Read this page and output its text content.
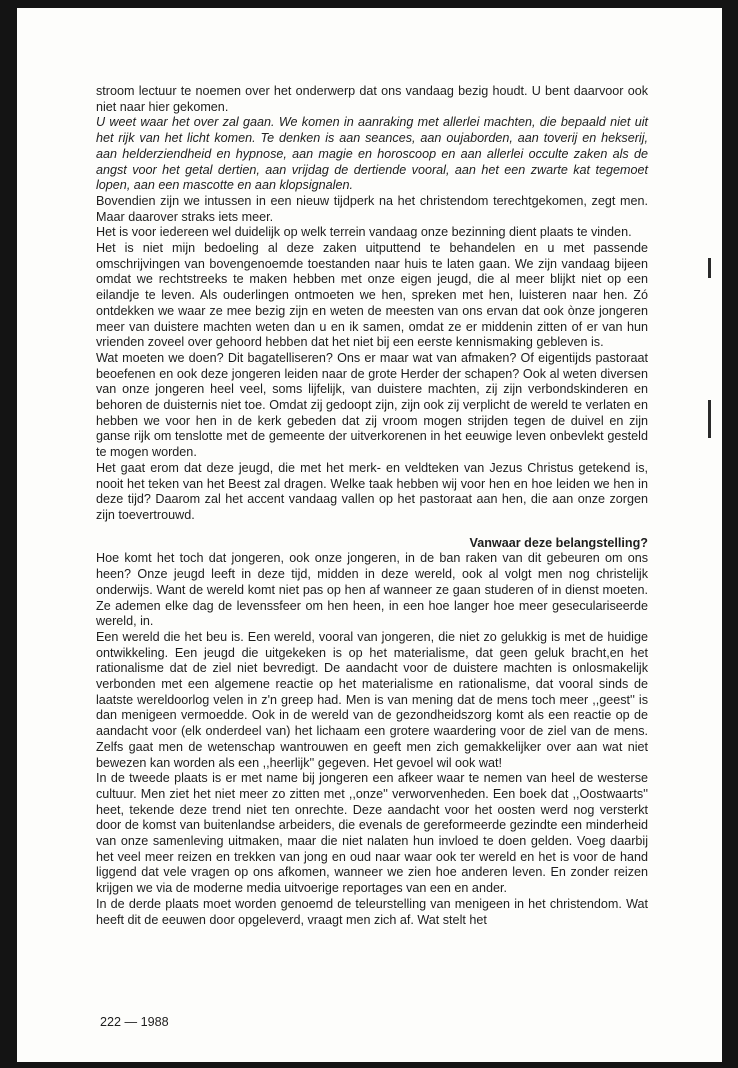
stroom lectuur te noemen over het onderwerp dat ons vandaag bezig houdt. U bent daarvoor ook niet naar hier gekomen.

U weet waar het over zal gaan. We komen in aanraking met allerlei machten, die bepaald niet uit het rijk van het licht komen. Te denken is aan seances, aan oujaborden, aan toverij en hekserij, aan helderziendheid en hypnose, aan magie en horoscoop en aan allerlei occulte zaken als de angst voor het getal dertien, aan vrijdag de dertiende vooral, aan het een zwarte kat tegemoet lopen, aan een mascotte en aan klopsignalen.

Bovendien zijn we intussen in een nieuw tijdperk na het christendom terechtgekomen, zegt men. Maar daarover straks iets meer.

Het is voor iedereen wel duidelijk op welk terrein vandaag onze bezinning dient plaats te vinden.

Het is niet mijn bedoeling al deze zaken uitputtend te behandelen en u met passende omschrijvingen van bovengenoemde toestanden naar huis te laten gaan. We zijn vandaag bijeen omdat we rechtstreeks te maken hebben met onze eigen jeugd, die al meer blijkt niet op een eilandje te leven. Als ouderlingen ontmoeten we hen, spreken met hen, luisteren naar hen. Zó ontdekken we waar ze mee bezig zijn en weten de meesten van ons ervan dat ook ònze jongeren meer van duistere machten weten dan u en ik samen, omdat ze er middenin zitten of er van hun vrienden zoveel over gehoord hebben dat het niet bij een eerste kennismaking gebleven is.

Wat moeten we doen? Dit bagatelliseren? Ons er maar wat van afmaken? Of eigentijds pastoraat beoefenen en ook deze jongeren leiden naar de grote Herder der schapen? Ook al weten diversen van onze jongeren heel veel, soms lijfelijk, van duistere machten, zij zijn verbondskinderen en behoren de duisternis niet toe. Omdat zij gedoopt zijn, zijn ook zij verplicht de wereld te verlaten en hebben we voor hen in de kerk gebeden dat zij vroom mogen strijden tegen de duivel en zijn ganse rijk om tenslotte met de gemeente der uitverkorenen in het eeuwige leven onbevlekt gesteld te mogen worden.

Het gaat erom dat deze jeugd, die met het merk- en veldteken van Jezus Christus getekend is, nooit het teken van het Beest zal dragen. Welke taak hebben wij voor hen en hoe leiden we hen in deze tijd? Daarom zal het accent vandaag vallen op het pastoraat aan hen, die aan onze zorgen zijn toevertrouwd.

Vanwaar deze belangstelling?

Hoe komt het toch dat jongeren, ook onze jongeren, in de ban raken van dit gebeuren om ons heen? Onze jeugd leeft in deze tijd, midden in deze wereld, ook al volgt men nog christelijk onderwijs. Want de wereld komt niet pas op hen af wanneer ze gaan studeren of in dienst moeten. Ze ademen elke dag de levenssfeer om hen heen, in een hoe langer hoe meer geseculariseerde wereld, in.

Een wereld die het beu is. Een wereld, vooral van jongeren, die niet zo gelukkig is met de huidige ontwikkeling. Een jeugd die uitgekeken is op het materialisme, dat geen geluk bracht,en het rationalisme dat de ziel niet bevredigt. De aandacht voor de duistere machten is onlosmakelijk verbonden met een algemene reactie op het materialisme en rationalisme, dat vooral sinds de laatste wereldoorlog velen in z'n greep had. Men is van mening dat de mens toch meer ,,geest'' is dan menigeen vermoedde. Ook in de wereld van de gezondheidszorg komt als een reactie op de aandacht voor (elk onderdeel van) het lichaam een grotere waardering voor de ziel van de mens. Zelfs gaat men de wetenschap wantrouwen en geeft men zich gemakkelijker over aan wat niet bewezen kan worden als een ,,heerlijk'' gegeven. Het gevoel wil ook wat!

In de tweede plaats is er met name bij jongeren een afkeer waar te nemen van heel de westerse cultuur. Men ziet het niet meer zo zitten met ,,onze'' verworvenheden. Een boek dat ,,Oostwaarts'' heet, tekende deze trend niet ten onrechte. Deze aandacht voor het oosten werd nog versterkt door de komst van buitenlandse arbeiders, die evenals de gereformeerde gezindte een minderheid van onze samenleving uitmaken, maar die niet nalaten hun invloed te doen gelden. Voeg daarbij het veel meer reizen en trekken van jong en oud naar waar ook ter wereld en het is voor de hand liggend dat vele vragen op ons afkomen, wanneer we zien hoe anderen leven. En zonder reizen krijgen we via de moderne media uitvoerige reportages van een en ander.

In de derde plaats moet worden genoemd de teleurstelling van menigeen in het christendom. Wat heeft dit de eeuwen door opgeleverd, vraagt men zich af. Wat stelt het

222 — 1988
